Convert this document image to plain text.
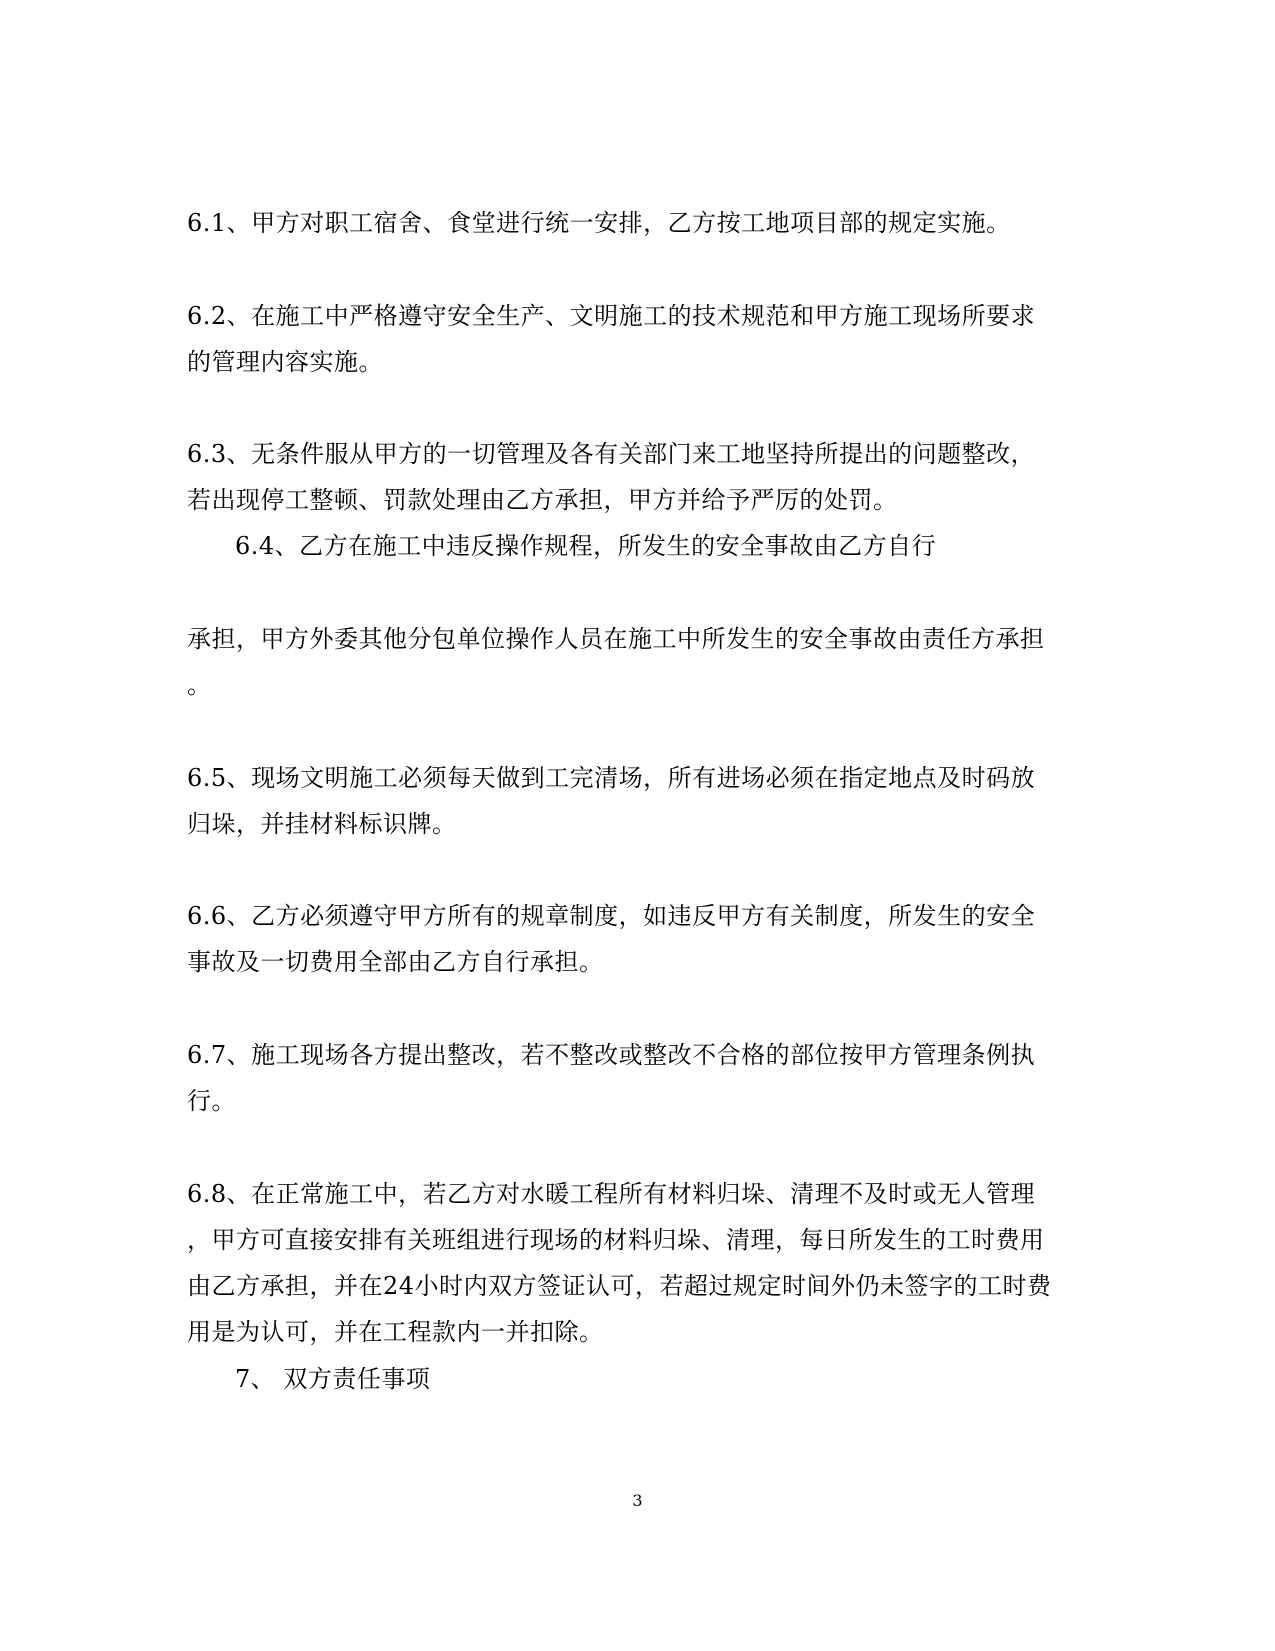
6.1、甲方对职工宿舍、食堂进行统一安排，乙方按工地项目部的规定实施。
6.2、在施工中严格遵守安全生产、文明施工的技术规范和甲方施工现场所要求
的管理内容实施。
6.3、无条件服从甲方的一切管理及各有关部门来工地坚持所提出的问题整改，
若出现停工整顿、罚款处理由乙方承担，甲方并给予严厉的处罚。
6.4、乙方在施工中违反操作规程，所发生的安全事故由乙方自行
承担，甲方外委其他分包单位操作人员在施工中所发生的安全事故由责任方承担
。
6.5、现场文明施工必须每天做到工完清场，所有进场必须在指定地点及时码放
归垛，并挂材料标识牌。
6.6、乙方必须遵守甲方所有的规章制度，如违反甲方有关制度，所发生的安全
事故及一切费用全部由乙方自行承担。
6.7、施工现场各方提出整改，若不整改或整改不合格的部位按甲方管理条例执
行。
6.8、在正常施工中，若乙方对水暖工程所有材料归垛、清理不及时或无人管理
，甲方可直接安排有关班组进行现场的材料归垛、清理，每日所发生的工时费用
由乙方承担，并在24小时内双方签证认可，若超过规定时间外仍未签字的工时费
用是为认可，并在工程款内一并扣除。
7、 双方责任事项
3
